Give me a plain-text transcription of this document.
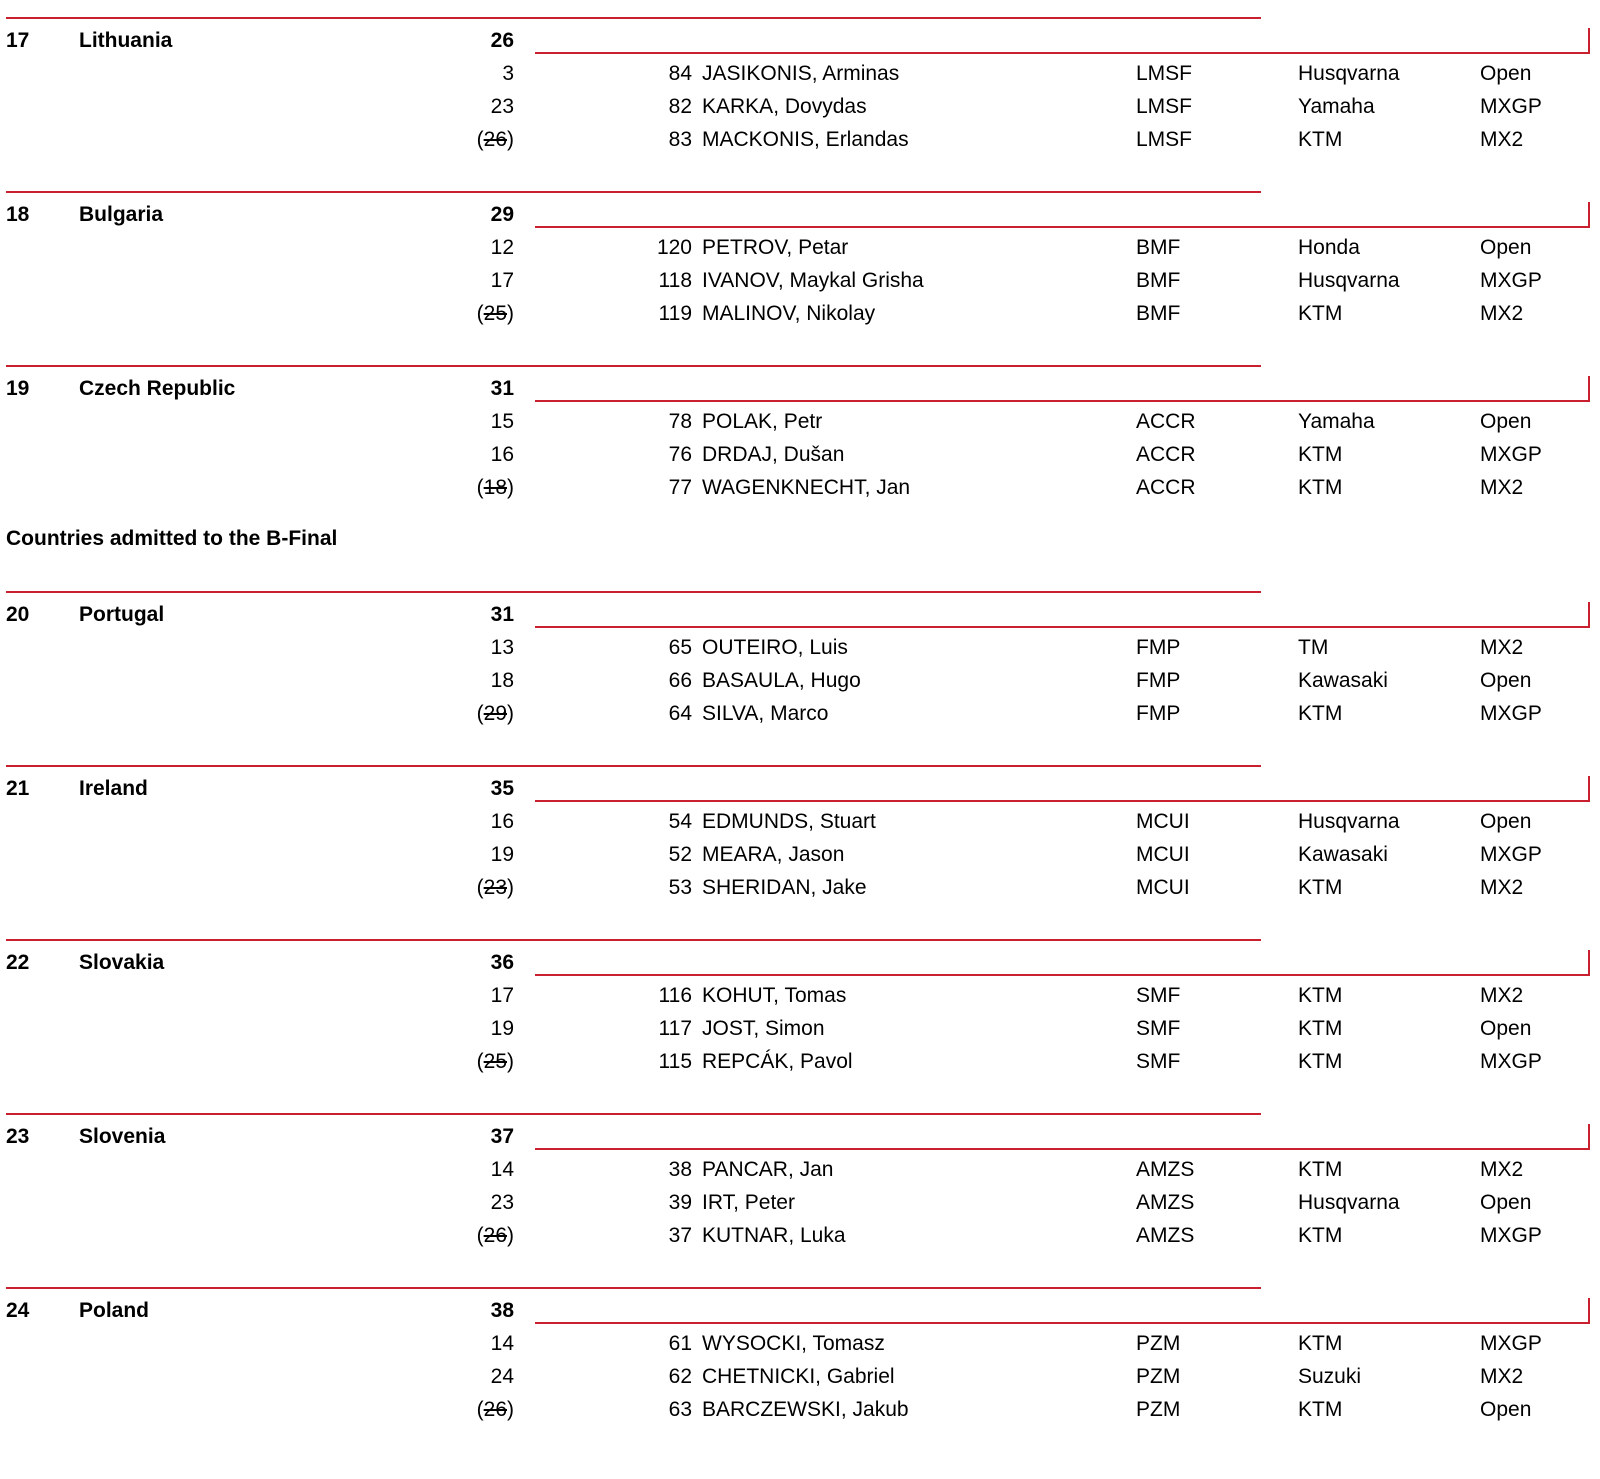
17 Lithuania	26
3	84 JASIKONIS, Arminas	LMSF	Husqvarna	Open
23	82 KARKA, Dovydas	LMSF	Yamaha	MXGP
(26)	83 MACKONIS, Erlandas	LMSF	KTM	MX2
18 Bulgaria	29
12	120 PETROV, Petar	BMF	Honda	Open
17	118 IVANOV, Maykal Grisha	BMF	Husqvarna	MXGP
(25)	119 MALINOV, Nikolay	BMF	KTM	MX2
19 Czech Republic	31
15	78 POLAK, Petr	ACCR	Yamaha	Open
16	76 DRDAJ, Dušan	ACCR	KTM	MXGP
(18)	77 WAGENKNECHT, Jan	ACCR	KTM	MX2
Countries admitted to the B-Final
20 Portugal	31
13	65 OUTEIRO, Luis	FMP	TM	MX2
18	66 BASAULA, Hugo	FMP	Kawasaki	Open
(29)	64 SILVA, Marco	FMP	KTM	MXGP
21 Ireland	35
16	54 EDMUNDS, Stuart	MCUI	Husqvarna	Open
19	52 MEARA, Jason	MCUI	Kawasaki	MXGP
(23)	53 SHERIDAN, Jake	MCUI	KTM	MX2
22 Slovakia	36
17	116 KOHUT, Tomas	SMF	KTM	MX2
19	117 JOST, Simon	SMF	KTM	Open
(25)	115 REPCÁK, Pavol	SMF	KTM	MXGP
23 Slovenia	37
14	38 PANCAR, Jan	AMZS	KTM	MX2
23	39 IRT, Peter	AMZS	Husqvarna	Open
(26)	37 KUTNAR, Luka	AMZS	KTM	MXGP
24 Poland	38
14	61 WYSOCKI, Tomasz	PZM	KTM	MXGP
24	62 CHETNICKI, Gabriel	PZM	Suzuki	MX2
(26)	63 BARCZEWSKI, Jakub	PZM	KTM	Open
